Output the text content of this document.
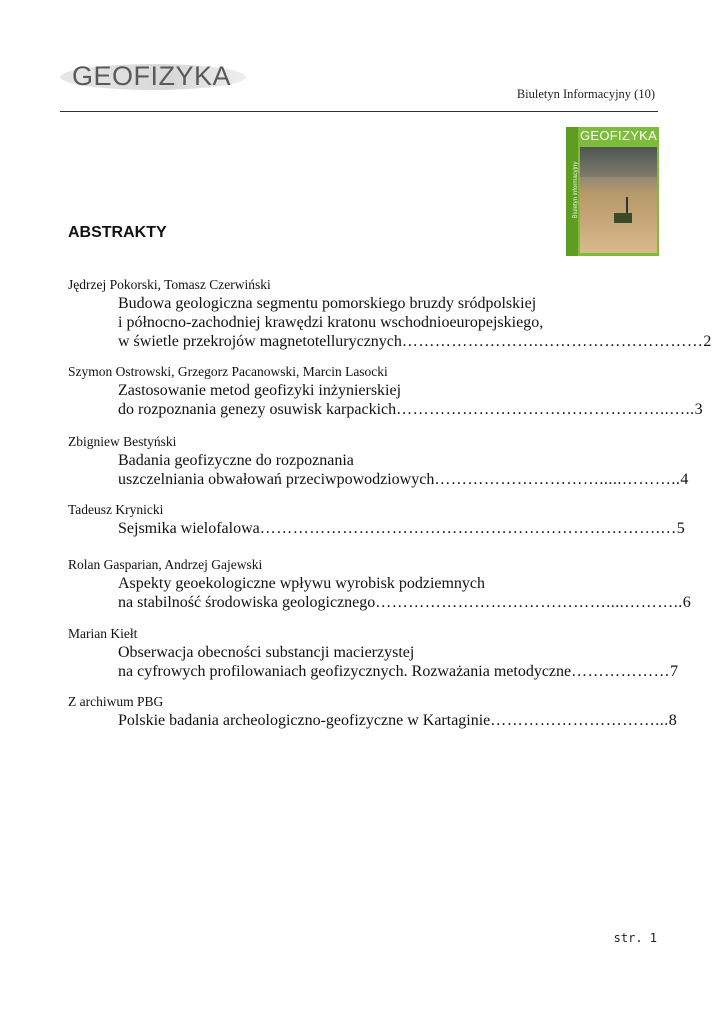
GEOFIZYKA
Biuletyn Informacyjny (10)
Biuletyn informacyjny
GEOFIZYKA
ABSTRAKTY
Jędrzej Pokorski, Tomasz Czerwiński
Budowa geologiczna segmentu pomorskiego bruzdy sródpolskiej
i północno-zachodniej krawędzi kratonu wschodnioeuropejskiego,
w świetle przekrojów magnetotellurycznych …………………….………………………… 2
Szymon Ostrowski, Grzegorz Pacanowski, Marcin Lasocki
Zastosowanie metod geofizyki inżynierskiej
do rozpoznania genezy osuwisk karpackich …………………………………………..….. 3
Zbigniew Bestyński
Badania geofizyczne do rozpoznania
uszczelniania obwałowań przeciwpowodziowych ………………………….....……….. 4
Tadeusz Krynicki
Sejsmika wielofalowa ……………………………………………………………….… 5
Rolan Gasparian, Andrzej Gajewski
Aspekty geoekologiczne wpływu wyrobisk podziemnych
na stabilność środowiska geologicznego ……………………………………....……….. 6
Marian Kiełt
Obserwacja obecności substancji macierzystej
na cyfrowych profilowaniach geofizycznych. Rozważania metodyczne ……………… 7
Z archiwum PBG
Polskie badania archeologiczno-geofizyczne w Kartaginie …………………………... 8
str. 1
